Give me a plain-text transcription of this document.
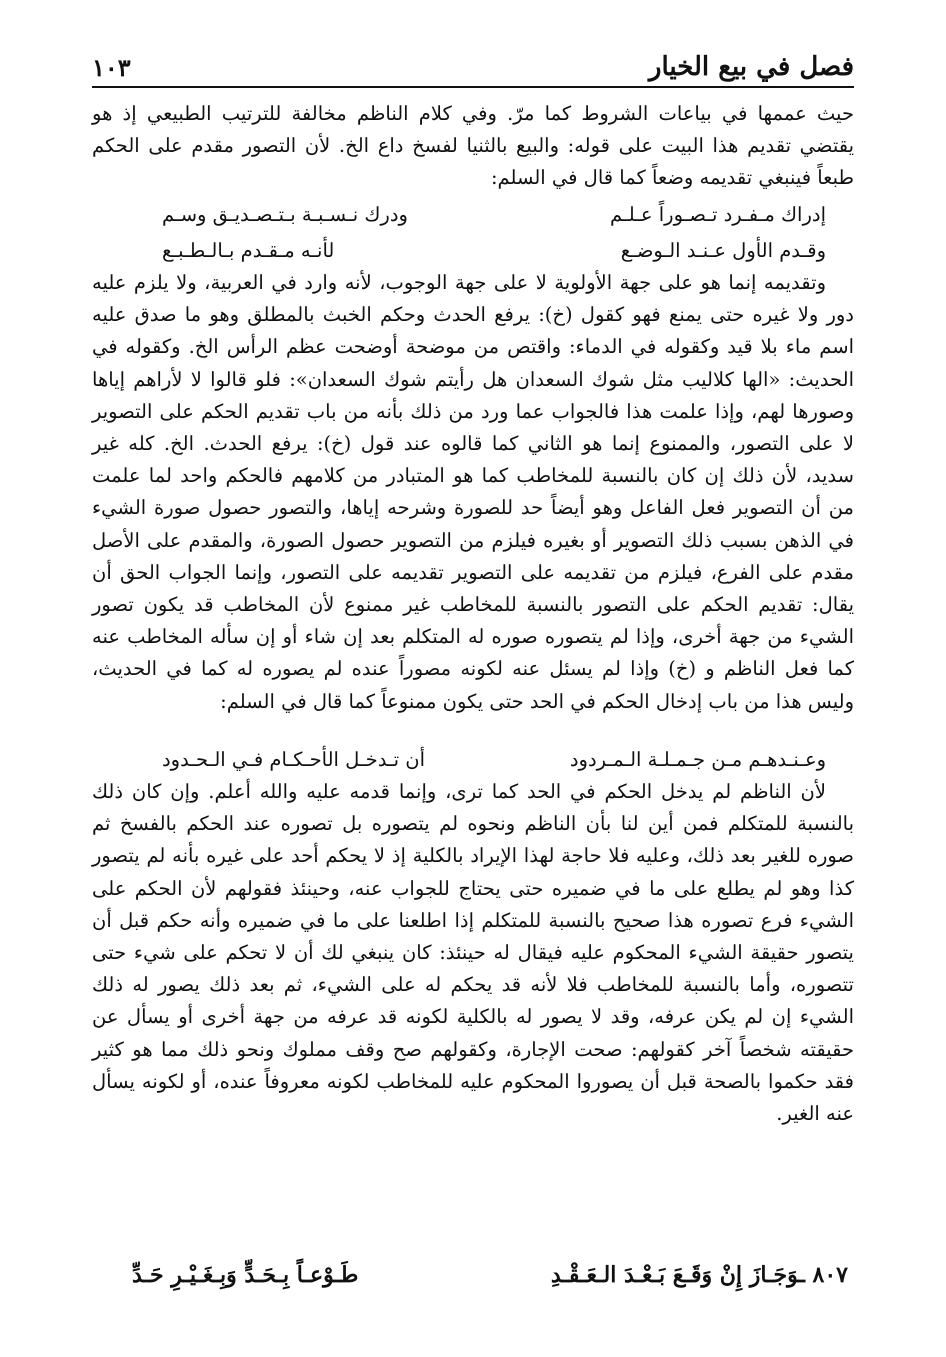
فصل في بيع الخيار
١٠٣

حيث عممها في بياعات الشروط كما مرّ. وفي كلام الناظم مخالفة للترتيب الطبيعي إذ هو يقتضي تقديم هذا البيت على قوله: والبيع بالثنيا لفسخ داع الخ. لأن التصور مقدم على الحكم طبعاً فينبغي تقديمه وضعاً كما قال في السلم:

إدراك مـفـرد تـصـوراً عـلـم
ودرك نـسـبـة بـتـصـديـق وسـم
وقـدم الأول عـنـد الـوضـع
لأنـه مـقـدم بـالـطـبـع

وتقديمه إنما هو على جهة الأولوية لا على جهة الوجوب، لأنه وارد في العربية، ولا يلزم عليه دور ولا غيره حتى يمنع فهو كقول (خ): يرفع الحدث وحكم الخبث بالمطلق وهو ما صدق عليه اسم ماء بلا قيد وكقوله في الدماء: واقتص من موضحة أوضحت عظم الرأس الخ. وكقوله في الحديث: «الها كلاليب مثل شوك السعدان هل رأيتم شوك السعدان»: فلو قالوا لا لأراهم إياها وصورها لهم، وإذا علمت هذا فالجواب عما ورد من ذلك بأنه من باب تقديم الحكم على التصوير لا على التصور، والممنوع إنما هو الثاني كما قالوه عند قول (خ): يرفع الحدث. الخ. كله غير سديد، لأن ذلك إن كان بالنسبة للمخاطب كما هو المتبادر من كلامهم فالحكم واحد لما علمت من أن التصوير فعل الفاعل وهو أيضاً حد للصورة وشرحه إياها، والتصور حصول صورة الشيء في الذهن بسبب ذلك التصوير أو بغيره فيلزم من التصوير حصول الصورة، والمقدم على الأصل مقدم على الفرع، فيلزم من تقديمه على التصوير تقديمه على التصور، وإنما الجواب الحق أن يقال: تقديم الحكم على التصور بالنسبة للمخاطب غير ممنوع لأن المخاطب قد يكون تصور الشيء من جهة أخرى، وإذا لم يتصوره صوره له المتكلم بعد إن شاء أو إن سأله المخاطب عنه كما فعل الناظم و (خ) وإذا لم يسئل عنه لكونه مصوراً عنده لم يصوره له كما في الحديث، وليس هذا من باب إدخال الحكم في الحد حتى يكون ممنوعاً كما قال في السلم:

وعـنـدهـم مـن جـمـلـة الـمـردود
أن تـدخـل الأحـكـام فـي الـحـدود

لأن الناظم لم يدخل الحكم في الحد كما ترى، وإنما قدمه عليه والله أعلم. وإن كان ذلك بالنسبة للمتكلم فمن أين لنا بأن الناظم ونحوه لم يتصوره بل تصوره عند الحكم بالفسخ ثم صوره للغير بعد ذلك، وعليه فلا حاجة لهذا الإيراد بالكلية إذ لا يحكم أحد على غيره بأنه لم يتصور كذا وهو لم يطلع على ما في ضميره حتى يحتاج للجواب عنه، وحينئذ فقولهم لأن الحكم على الشيء فرع تصوره هذا صحيح بالنسبة للمتكلم إذا اطلعنا على ما في ضميره وأنه حكم قبل أن يتصور حقيقة الشيء المحكوم عليه فيقال له حينئذ: كان ينبغي لك أن لا تحكم على شيء حتى تتصوره، وأما بالنسبة للمخاطب فلا لأنه قد يحكم له على الشيء، ثم بعد ذلك يصور له ذلك الشيء إن لم يكن عرفه، وقد لا يصور له بالكلية لكونه قد عرفه من جهة أخرى أو يسأل عن حقيقته شخصاً آخر كقولهم: صحت الإجارة، وكقولهم صح وقف مملوك ونحو ذلك مما هو كثير فقد حكموا بالصحة قبل أن يصوروا المحكوم عليه للمخاطب لكونه معروفاً عنده، أو لكونه يسأل عنه الغير.

٨٠٧ ـوَجَـازَ إِنْ وَقَـعَ بَـعْـدَ الـعَـقْـدِ
طَـوْعـاً بِـحَـدٍّ وَبِـغَـيْـرِ حَـدِّ
